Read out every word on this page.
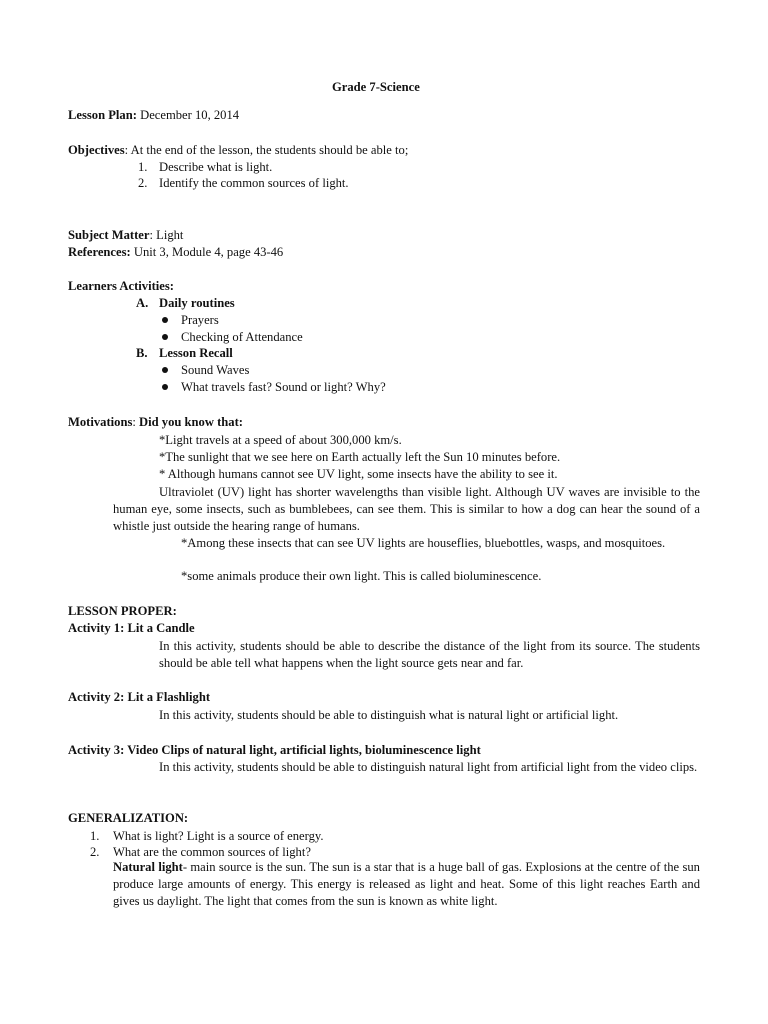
Grade 7-Science
Lesson Plan: December 10, 2014
Objectives: At the end of the lesson, the students should be able to;
1. Describe what is light.
2. Identify the common sources of light.
Subject Matter: Light
References: Unit 3, Module 4, page 43-46
Learners Activities:
A. Daily routines
Prayers
Checking of Attendance
B. Lesson Recall
Sound Waves
What travels fast? Sound or light? Why?
Motivations: Did you know that:
*Light travels at a speed of about 300,000 km/s.
*The sunlight that we see here on Earth actually left the Sun 10 minutes before.
* Although humans cannot see UV light, some insects have the ability to see it.
Ultraviolet (UV) light has shorter wavelengths than visible light. Although UV waves are invisible to the human eye, some insects, such as bumblebees, can see them. This is similar to how a dog can hear the sound of a whistle just outside the hearing range of humans.
*Among these insects that can see UV lights are houseflies, bluebottles, wasps, and mosquitoes.
*some animals produce their own light. This is called bioluminescence.
LESSON PROPER:
Activity 1: Lit a Candle
In this activity, students should be able to describe the distance of the light from its source. The students should be able tell what happens when the light source gets near and far.
Activity 2: Lit a Flashlight
In this activity, students should be able to distinguish what is natural light or artificial light.
Activity 3: Video Clips of natural light, artificial lights, bioluminescence light
In this activity, students should be able to distinguish natural light from artificial light from the video clips.
GENERALIZATION:
1. What is light? Light is a source of energy.
2. What are the common sources of light?
Natural light- main source is the sun. The sun is a star that is a huge ball of gas. Explosions at the centre of the sun produce large amounts of energy. This energy is released as light and heat. Some of this light reaches Earth and gives us daylight. The light that comes from the sun is known as white light.
